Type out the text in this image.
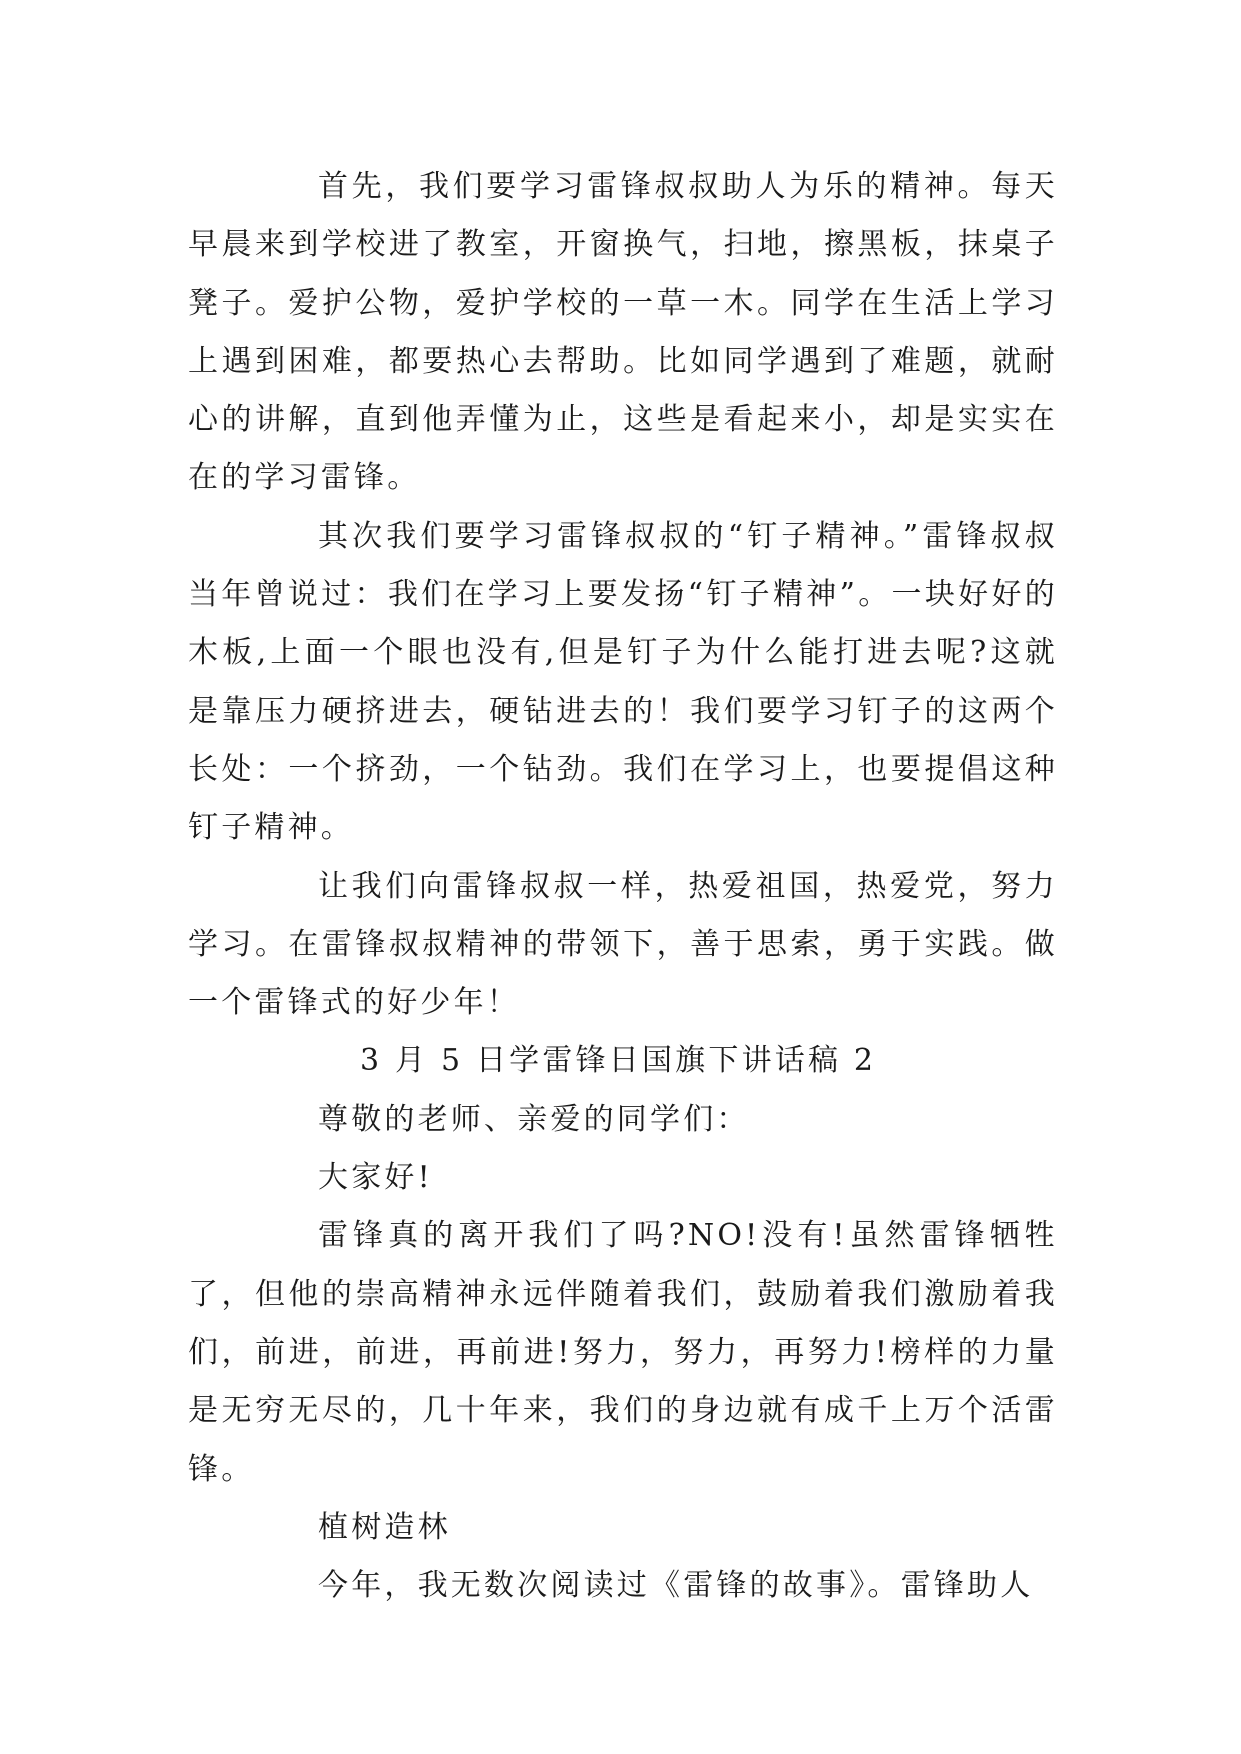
首先，我们要学习雷锋叔叔助人为乐的精神。每天早晨来到学校进了教室，开窗换气，扫地，擦黑板，抹桌子凳子。爱护公物，爱护学校的一草一木。同学在生活上学习上遇到困难，都要热心去帮助。比如同学遇到了难题，就耐心的讲解，直到他弄懂为止，这些是看起来小，却是实实在在的学习雷锋。

其次我们要学习雷锋叔叔的“钉子精神。”雷锋叔叔当年曾说过：我们在学习上要发扬“钉子精神”。一块好好的木板,上面一个眼也没有,但是钉子为什么能打进去呢?这就是靠压力硬挤进去，硬钻进去的！我们要学习钉子的这两个长处：一个挤劲，一个钻劲。我们在学习上，也要提倡这种钉子精神。

让我们向雷锋叔叔一样，热爱祖国，热爱党，努力学习。在雷锋叔叔精神的带领下，善于思索，勇于实践。做一个雷锋式的好少年！

3 月 5 日学雷锋日国旗下讲话稿 2

尊敬的老师、亲爱的同学们：

大家好!

雷锋真的离开我们了吗?NO!没有!虽然雷锋牺牲了，但他的崇高精神永远伴随着我们，鼓励着我们激励着我们，前进，前进，再前进!努力，努力，再努力!榜样的力量是无穷无尽的，几十年来，我们的身边就有成千上万个活雷锋。

植树造林

今年，我无数次阅读过《雷锋的故事》。雷锋助人
